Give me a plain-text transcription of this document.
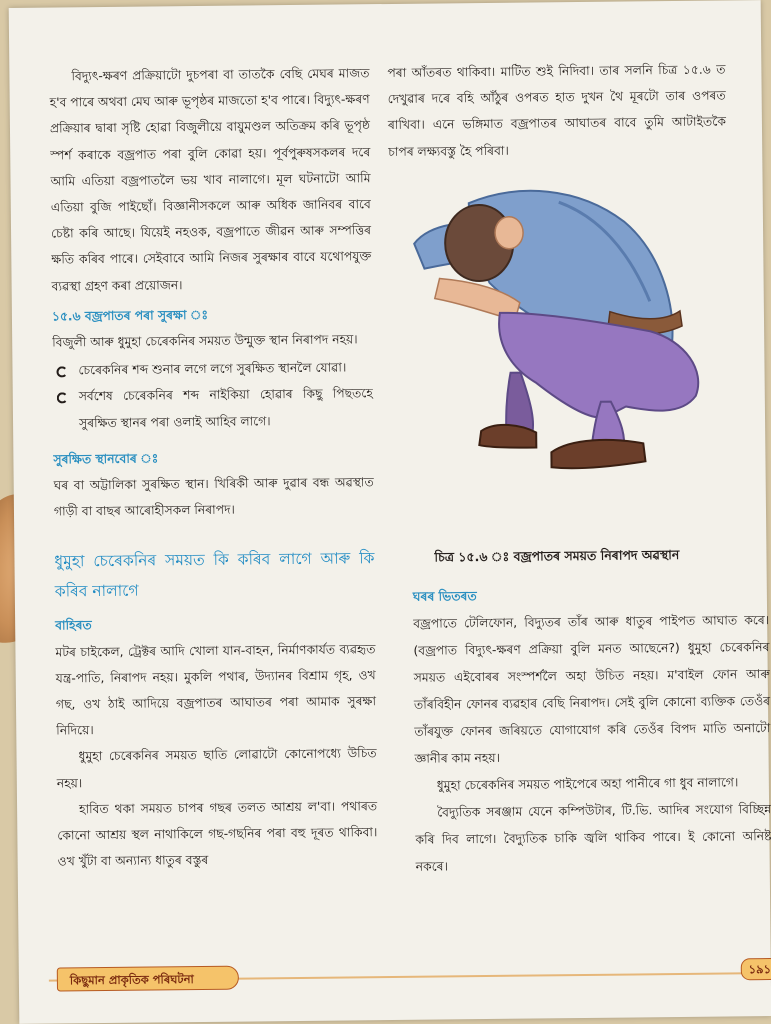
বিদ্যুৎ-ক্ষৰণ প্ৰক্ৰিয়াটো দুচপৰা বা তাতকৈ বেছি মেঘৰ মাজত হ'ব পাৰে অথবা মেঘ আৰু ভূপৃষ্ঠৰ মাজতো হ'ব পাৰে। বিদ্যুৎ-ক্ষৰণ প্ৰক্ৰিয়াৰ দ্বাৰা সৃষ্টি হোৱা বিজুলীয়ে বায়ুমণ্ডল অতিক্ৰম কৰি ভূপৃষ্ঠ স্পৰ্শ কৰাকে বজ্ৰপাত পৰা বুলি কোৱা হয়। পূৰ্বপুৰুষসকলৰ দৰে আমি এতিয়া বজ্ৰপাতলৈ ভয় খাব নালাগে। মূল ঘটনাটো আমি এতিয়া বুজি পাইছোঁ। বিজ্ঞানীসকলে আৰু অধিক জানিবৰ বাবে চেষ্টা কৰি আছে। যিয়েই নহওক, বজ্ৰপাতে জীৱন আৰু সম্পত্তিৰ ক্ষতি কৰিব পাৰে। সেইবাবে আমি নিজৰ সুৰক্ষাৰ বাবে যথোপযুক্ত ব্যৱস্থা গ্ৰহণ কৰা প্ৰয়োজন।

১৫.৬ বজ্ৰপাতৰ পৰা সুৰক্ষা ঃ

বিজুলী আৰু ধুমুহা চেৰেকনিৰ সময়ত উন্মুক্ত স্থান নিৰাপদ নহয়।

চেৰেকনিৰ শব্দ শুনাৰ লগে লগে সুৰক্ষিত স্থানলৈ যোৱা।
সৰ্বশেষ চেৰেকনিৰ শব্দ নাইকিয়া হোৱাৰ কিছু পিছতহে সুৰক্ষিত স্থানৰ পৰা ওলাই আহিব লাগে।

সুৰক্ষিত স্থানবোৰ ঃ

ঘৰ বা অট্টালিকা সুৰক্ষিত স্থান। খিৰিকী আৰু দুৱাৰ বন্ধ অৱস্থাত গাড়ী বা বাছৰ আৰোহীসকল নিৰাপদ।

ধুমুহা চেৰেকনিৰ সময়ত কি কৰিব লাগে আৰু কি কৰিব নালাগে

বাহিৰত

মটৰ চাইকেল, ট্ৰেক্টৰ আদি খোলা যান-বাহন, নিৰ্মাণকাৰ্যত ব্যৱহৃত যন্ত্ৰ-পাতি, নিৰাপদ নহয়। মুকলি পথাৰ, উদ্যানৰ বিশ্ৰাম গৃহ, ওখ গছ, ওখ ঠাই আদিয়ে বজ্ৰপাতৰ আঘাতৰ পৰা আমাক সুৰক্ষা নিদিয়ে।

ধুমুহা চেৰেকনিৰ সময়ত ছাতি লোৱাটো কোনোপধ্যে উচিত নহয়।

হাবিত থকা সময়ত চাপৰ গছৰ তলত আশ্ৰয় ল'বা। পথাৰত কোনো আশ্ৰয় স্থল নাথাকিলে গছ-গছনিৰ পৰা বহু দূৰত থাকিবা। ওখ খুঁটা বা অন্যান্য ধাতুৰ বস্তুৰ

পৰা আঁতৰত থাকিবা। মাটিত শুই নিদিবা। তাৰ সলনি চিত্ৰ ১৫.৬ ত দেখুৱাৰ দৰে বহি আঁঠুৰ ওপৰত হাত দুখন থৈ মূৰটো তাৰ ওপৰত ৰাখিবা। এনে ভঙ্গিমাত বজ্ৰপাতৰ আঘাতৰ বাবে তুমি আটাইতকৈ চাপৰ লক্ষ্যবস্তু হৈ পৰিবা।

চিত্ৰ ১৫.৬ ঃ বজ্ৰপাতৰ সময়ত নিৰাপদ অৱস্থান

ঘৰৰ ভিতৰত

বজ্ৰপাতে টেলিফোন, বিদ্যুতৰ তাঁৰ আৰু ধাতুৰ পাইপত আঘাত কৰে। (বজ্ৰপাত বিদ্যুৎ-ক্ষৰণ প্ৰক্ৰিয়া বুলি মনত আছেনে?) ধুমুহা চেৰেকনিৰ সময়ত এইবোৰৰ সংস্পৰ্শলৈ অহা উচিত নহয়। ম'বাইল ফোন আৰু তাঁৰবিহীন ফোনৰ ব্যৱহাৰ বেছি নিৰাপদ। সেই বুলি কোনো ব্যক্তিক তেওঁৰ তাঁৰযুক্ত ফোনৰ জৰিয়তে যোগাযোগ কৰি তেওঁৰ বিপদ মাতি অনাটো জ্ঞানীৰ কাম নহয়।

ধুমুহা চেৰেকনিৰ সময়ত পাইপেৰে অহা পানীৰে গা ধুব নালাগে।

বৈদ্যুতিক সৰঞ্জাম যেনে কম্পিউটাৰ, টি.ভি. আদিৰ সংযোগ বিচ্ছিন্ন কৰি দিব লাগে। বৈদ্যুতিক চাকি জ্বলি থাকিব পাৰে। ই কোনো অনিষ্ট নকৰে।

কিছুমান প্ৰাকৃতিক পৰিঘটনা
১৯১
